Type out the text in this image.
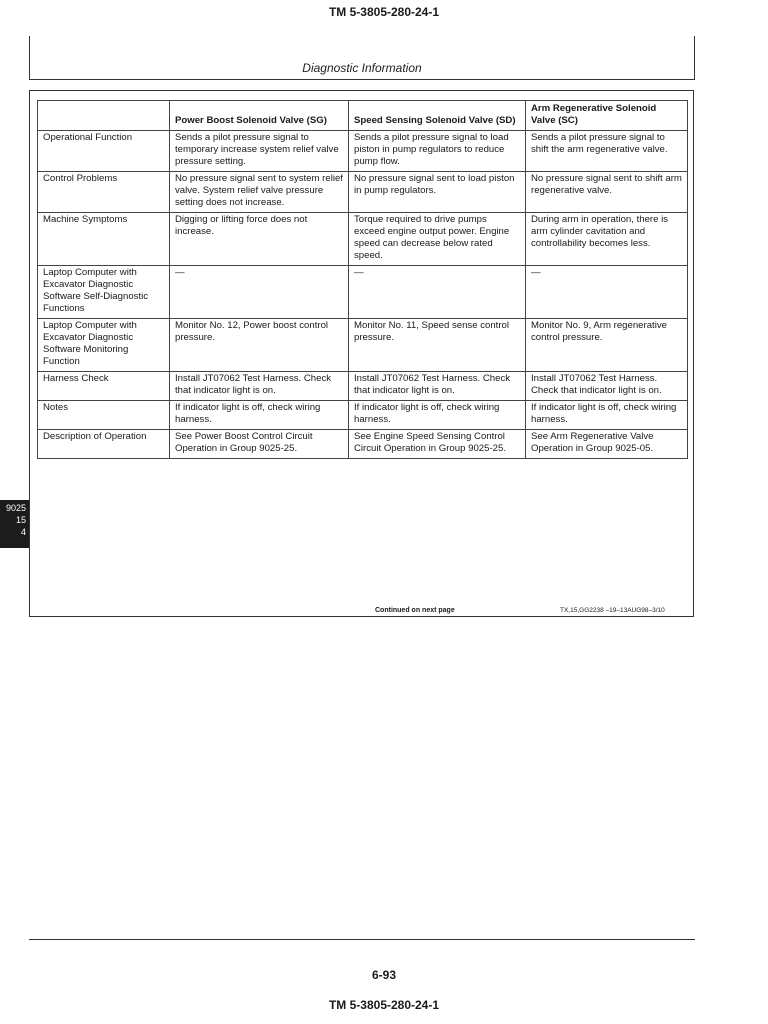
TM 5-3805-280-24-1
Diagnostic Information
	Power Boost Solenoid Valve (SG)	Speed Sensing Solenoid Valve (SD)	Arm Regenerative Solenoid Valve (SC)
Operational Function	Sends a pilot pressure signal to temporary increase system relief valve pressure setting.	Sends a pilot pressure signal to load piston in pump regulators to reduce pump flow.	Sends a pilot pressure signal to shift the arm regenerative valve.
Control Problems	No pressure signal sent to system relief valve. System relief valve pressure setting does not increase.	No pressure signal sent to load piston in pump regulators.	No pressure signal sent to shift arm regenerative valve.
Machine Symptoms	Digging or lifting force does not increase.	Torque required to drive pumps exceed engine output power. Engine speed can decrease below rated speed.	During arm in operation, there is arm cylinder cavitation and controllability becomes less.
Laptop Computer with Excavator Diagnostic Software Self-Diagnostic Functions	—	—	—
Laptop Computer with Excavator Diagnostic Software Monitoring Function	Monitor No. 12, Power boost control pressure.	Monitor No. 11, Speed sense control pressure.	Monitor No. 9, Arm regenerative control pressure.
Harness Check	Install JT07062 Test Harness. Check that indicator light is on.	Install JT07062 Test Harness. Check that indicator light is on.	Install JT07062 Test Harness. Check that indicator light is on.
Notes	If indicator light is off, check wiring harness.	If indicator light is off, check wiring harness.	If indicator light is off, check wiring harness.
Description of Operation	See Power Boost Control Circuit Operation in Group 9025-25.	See Engine Speed Sensing Control Circuit Operation in Group 9025-25.	See Arm Regenerative Valve Operation in Group 9025-05.
9025
15
4
Continued on next page	TX,15,GG2238 –19–13AUG98–3/10
6-93
TM 5-3805-280-24-1
